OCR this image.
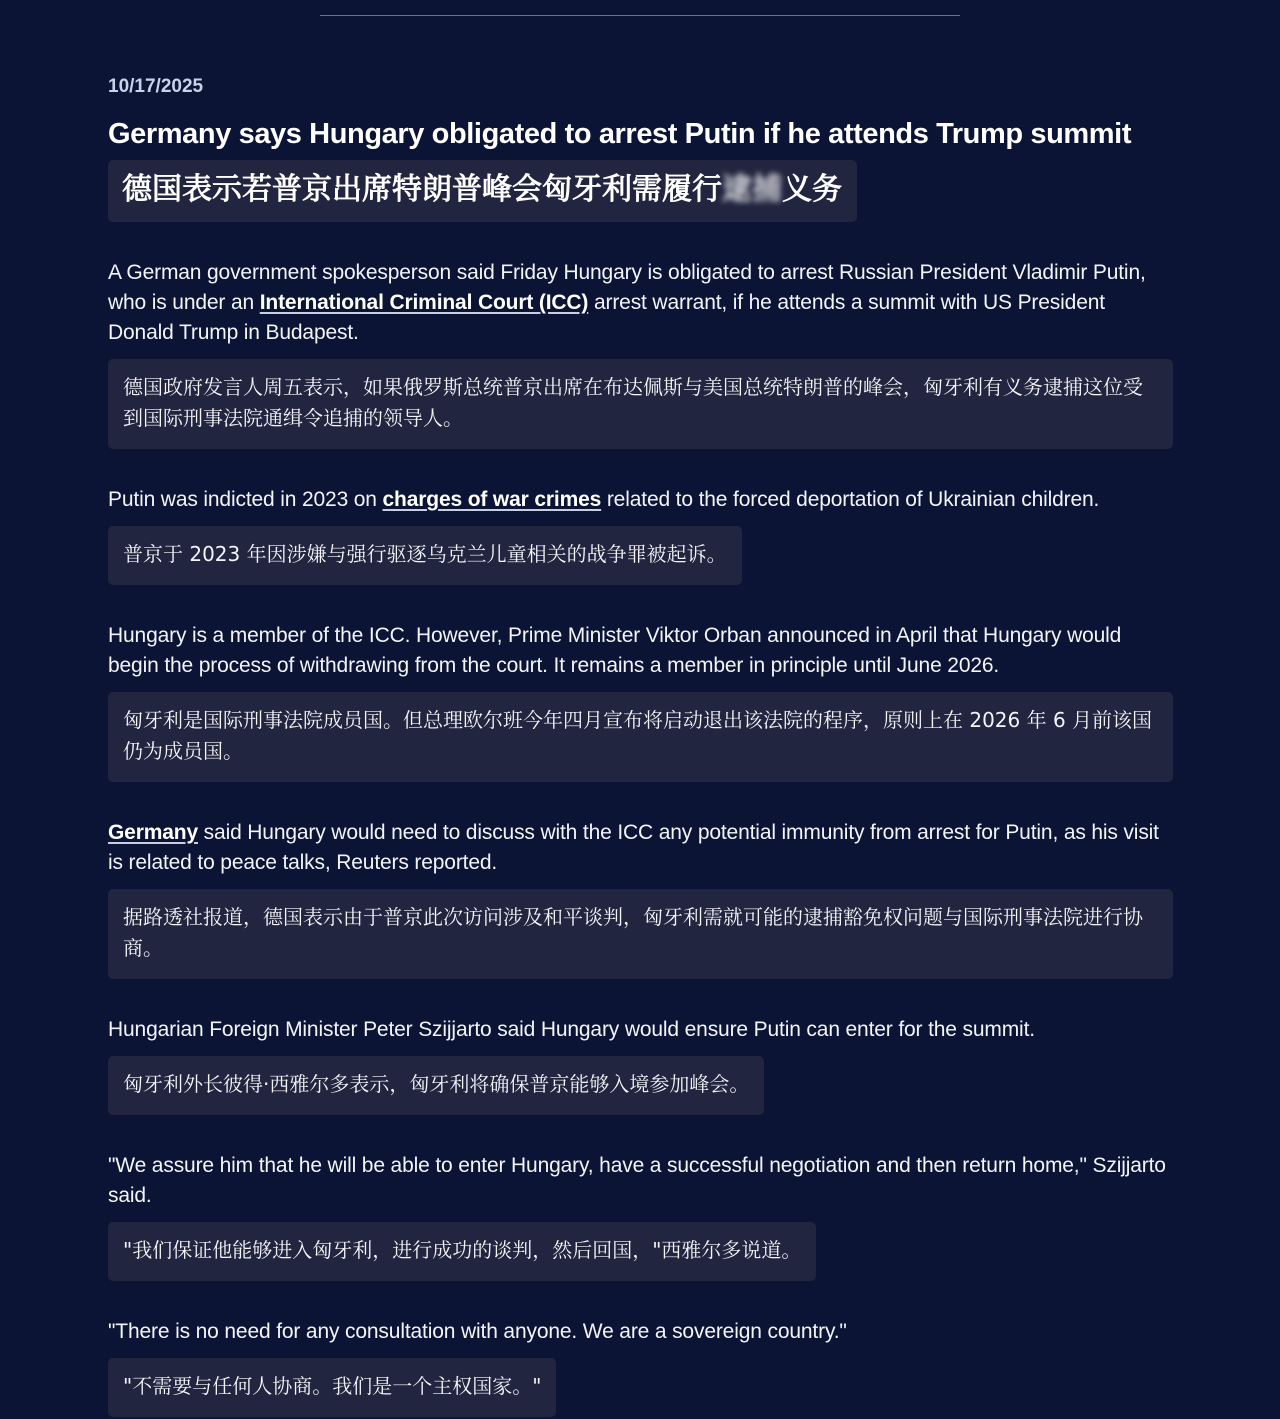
10/17/2025

Germany says Hungary obligated to arrest Putin if he attends Trump summit
德国表示若普京出席特朗普峰会匈牙利需履行逮捕义务

A German government spokesperson said Friday Hungary is obligated to arrest Russian President Vladimir Putin, who is under an International Criminal Court (ICC) arrest warrant, if he attends a summit with US President Donald Trump in Budapest.

德国政府发言人周五表示，如果俄罗斯总统普京出席在布达佩斯与美国总统特朗普的峰会，匈牙利有义务逮捕这位受到国际刑事法院通缉令追捕的领导人。

Putin was indicted in 2023 on charges of war crimes related to the forced deportation of Ukrainian children.

普京于 2023 年因涉嫌与强行驱逐乌克兰儿童相关的战争罪被起诉。

Hungary is a member of the ICC. However, Prime Minister Viktor Orban announced in April that Hungary would begin the process of withdrawing from the court. It remains a member in principle until June 2026.

匈牙利是国际刑事法院成员国。但总理欧尔班今年四月宣布将启动退出该法院的程序，原则上在 2026 年 6 月前该国仍为成员国。

Germany said Hungary would need to discuss with the ICC any potential immunity from arrest for Putin, as his visit is related to peace talks, Reuters reported.

据路透社报道，德国表示由于普京此次访问涉及和平谈判，匈牙利需就可能的逮捕豁免权问题与国际刑事法院进行协商。

Hungarian Foreign Minister Peter Szijjarto said Hungary would ensure Putin can enter for the summit.

匈牙利外长彼得·西雅尔多表示，匈牙利将确保普京能够入境参加峰会。

"We assure him that he will be able to enter Hungary, have a successful negotiation and then return home," Szijjarto said.

"我们保证他能够进入匈牙利，进行成功的谈判，然后回国，"西雅尔多说道。

"There is no need for any consultation with anyone. We are a sovereign country."

"不需要与任何人协商。我们是一个主权国家。"
